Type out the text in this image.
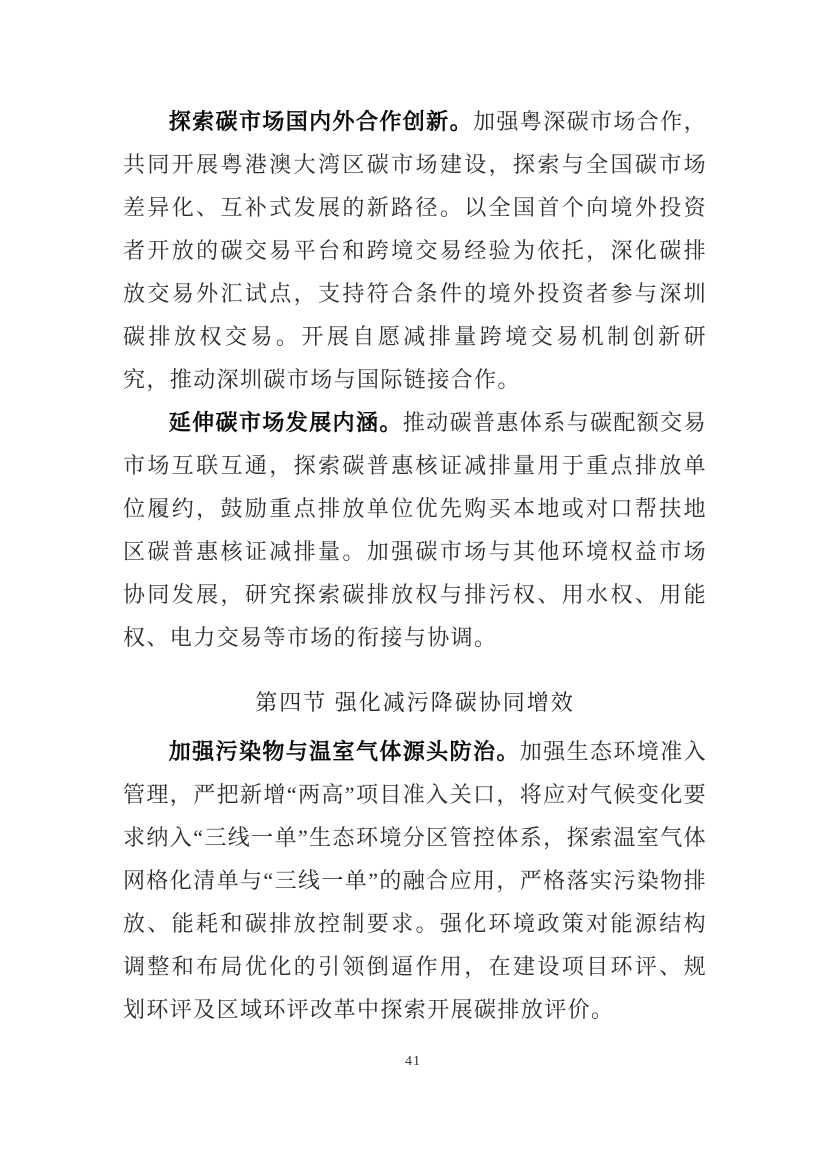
探索碳市场国内外合作创新。加强粤深碳市场合作，共同开展粤港澳大湾区碳市场建设，探索与全国碳市场差异化、互补式发展的新路径。以全国首个向境外投资者开放的碳交易平台和跨境交易经验为依托，深化碳排放交易外汇试点，支持符合条件的境外投资者参与深圳碳排放权交易。开展自愿减排量跨境交易机制创新研究，推动深圳碳市场与国际链接合作。

延伸碳市场发展内涵。推动碳普惠体系与碳配额交易市场互联互通，探索碳普惠核证减排量用于重点排放单位履约，鼓励重点排放单位优先购买本地或对口帮扶地区碳普惠核证减排量。加强碳市场与其他环境权益市场协同发展，研究探索碳排放权与排污权、用水权、用能权、电力交易等市场的衔接与协调。

第四节 强化减污降碳协同增效

加强污染物与温室气体源头防治。加强生态环境准入管理，严把新增“两高”项目准入关口，将应对气候变化要求纳入“三线一单”生态环境分区管控体系，探索温室气体网格化清单与“三线一单”的融合应用，严格落实污染物排放、能耗和碳排放控制要求。强化环境政策对能源结构调整和布局优化的引领倒逼作用，在建设项目环评、规划环评及区域环评改革中探索开展碳排放评价。

41
